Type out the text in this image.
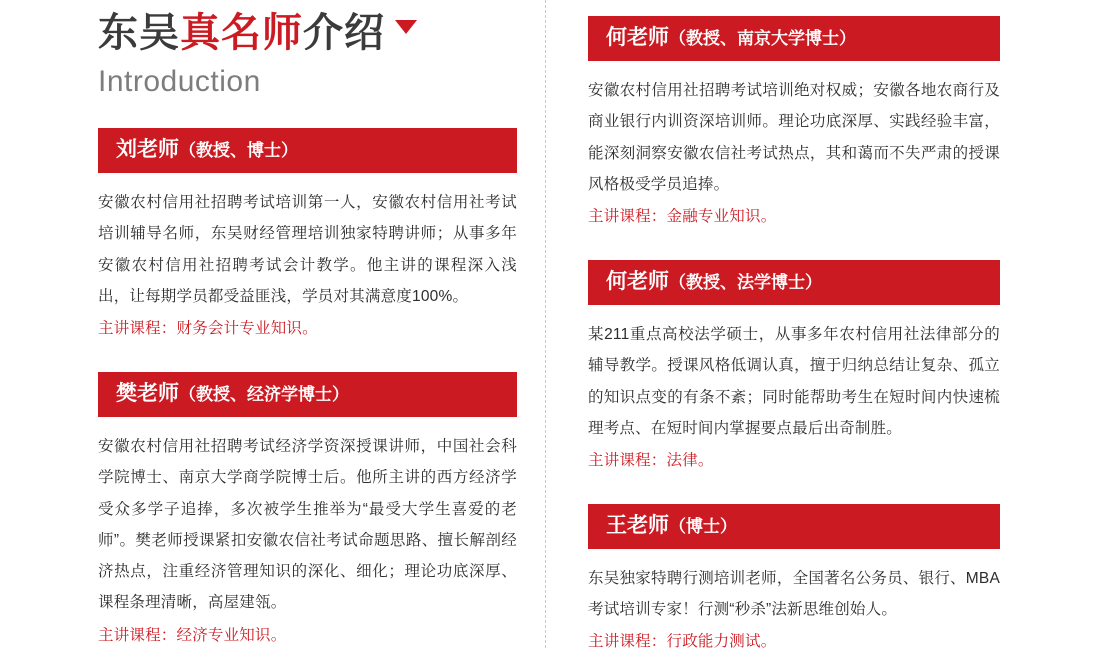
东吴真名师介绍
Introduction
刘老师（教授、博士）

安徽农村信用社招聘考试培训第一人，安徽农村信用社考试培训辅导名师，东吴财经管理培训独家特聘讲师；从事多年安徽农村信用社招聘考试会计教学。他主讲的课程深入浅出，让每期学员都受益匪浅，学员对其满意度100%。

主讲课程：财务会计专业知识。

樊老师（教授、经济学博士）

安徽农村信用社招聘考试经济学资深授课讲师，中国社会科学院博士、南京大学商学院博士后。他所主讲的西方经济学受众多学子追捧，多次被学生推举为“最受大学生喜爱的老师”。樊老师授课紧扣安徽农信社考试命题思路、擅长解剖经济热点，注重经济管理知识的深化、细化；理论功底深厚、课程条理清晰，高屋建瓴。

主讲课程：经济专业知识。

何老师（教授、南京大学博士）

安徽农村信用社招聘考试培训绝对权威；安徽各地农商行及商业银行内训资深培训师。理论功底深厚、实践经验丰富，能深刻洞察安徽农信社考试热点，其和蔼而不失严肃的授课风格极受学员追捧。

主讲课程：金融专业知识。

何老师（教授、法学博士）

某211重点高校法学硕士，从事多年农村信用社法律部分的辅导教学。授课风格低调认真，擅于归纳总结让复杂、孤立的知识点变的有条不紊；同时能帮助考生在短时间内快速梳理考点、在短时间内掌握要点最后出奇制胜。

主讲课程：法律。

王老师（博士）

东吴独家特聘行测培训老师，全国著名公务员、银行、MBA考试培训专家！行测“秒杀”法新思维创始人。

主讲课程：行政能力测试。
